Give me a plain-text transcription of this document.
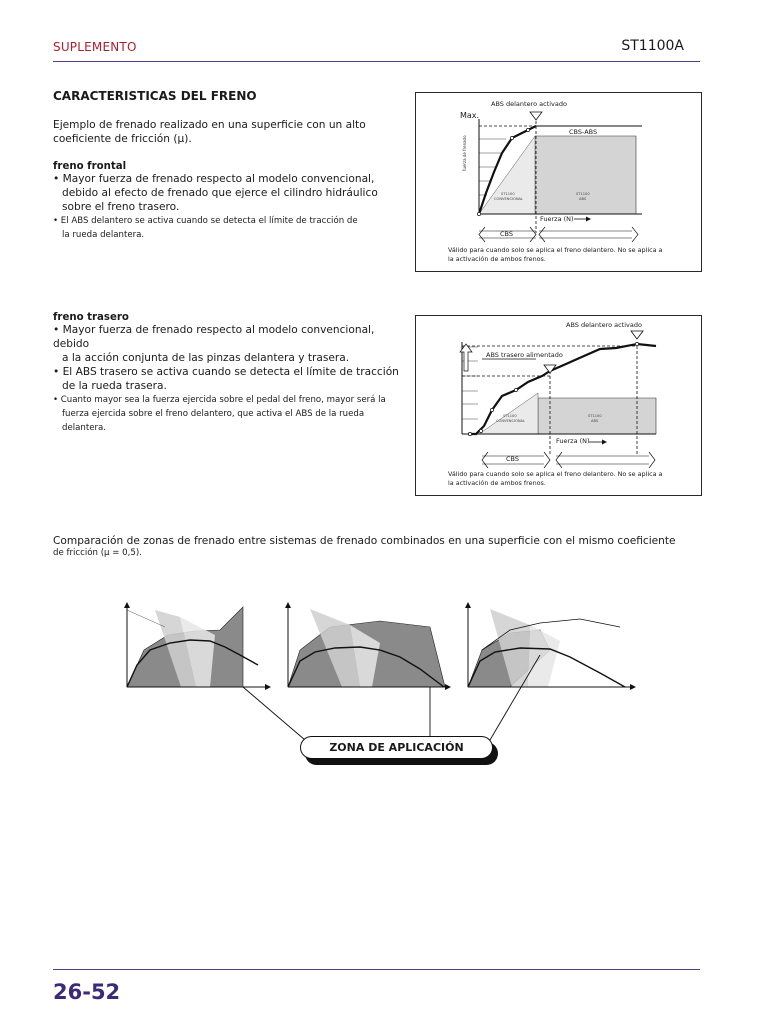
SUPLEMENTO	ST1100A
CARACTERISTICAS DEL FRENO
Ejemplo de frenado realizado en una superficie con un alto
coeficiente de fricción (μ).
freno frontal
• Mayor fuerza de frenado respecto al modelo convencional,
debido al efecto de frenado que ejerce el cilindro hidráulico
sobre el freno trasero.
• El ABS delantero se activa cuando se detecta el límite de tracción de
la rueda delantera.
freno trasero
• Mayor fuerza de frenado respecto al modelo convencional, debido
a la acción conjunta de las pinzas delantera y trasera.
• El ABS trasero se activa cuando se detecta el límite de tracción
de la rueda trasera.
• Cuanto mayor sea la fuerza ejercida sobre el pedal del freno, mayor será la
fuerza ejercida sobre el freno delantero, que activa el ABS de la rueda
delantera.
fuerza de frenado
ST1100
CONVENCIONAL
ST1100
ABS
ABS delantero activado
Max.
CBS-ABS
Fuerza (N)
CBS
Válido para cuando solo se aplica el freno delantero. No se aplica a
la activación de ambos frenos.
ST1100
CONVENCIONAL
ST1100
ABS
ABS delantero activado
ABS trasero alimentado
Fuerza (N)
CBS
Válido para cuando solo se aplica el freno delantero. No se aplica a
la activación de ambos frenos.
Comparación de zonas de frenado entre sistemas de frenado combinados en una superficie con el mismo coeficiente
de fricción (μ = 0,5).
ZONA DE APLICACIÓN
26-52
